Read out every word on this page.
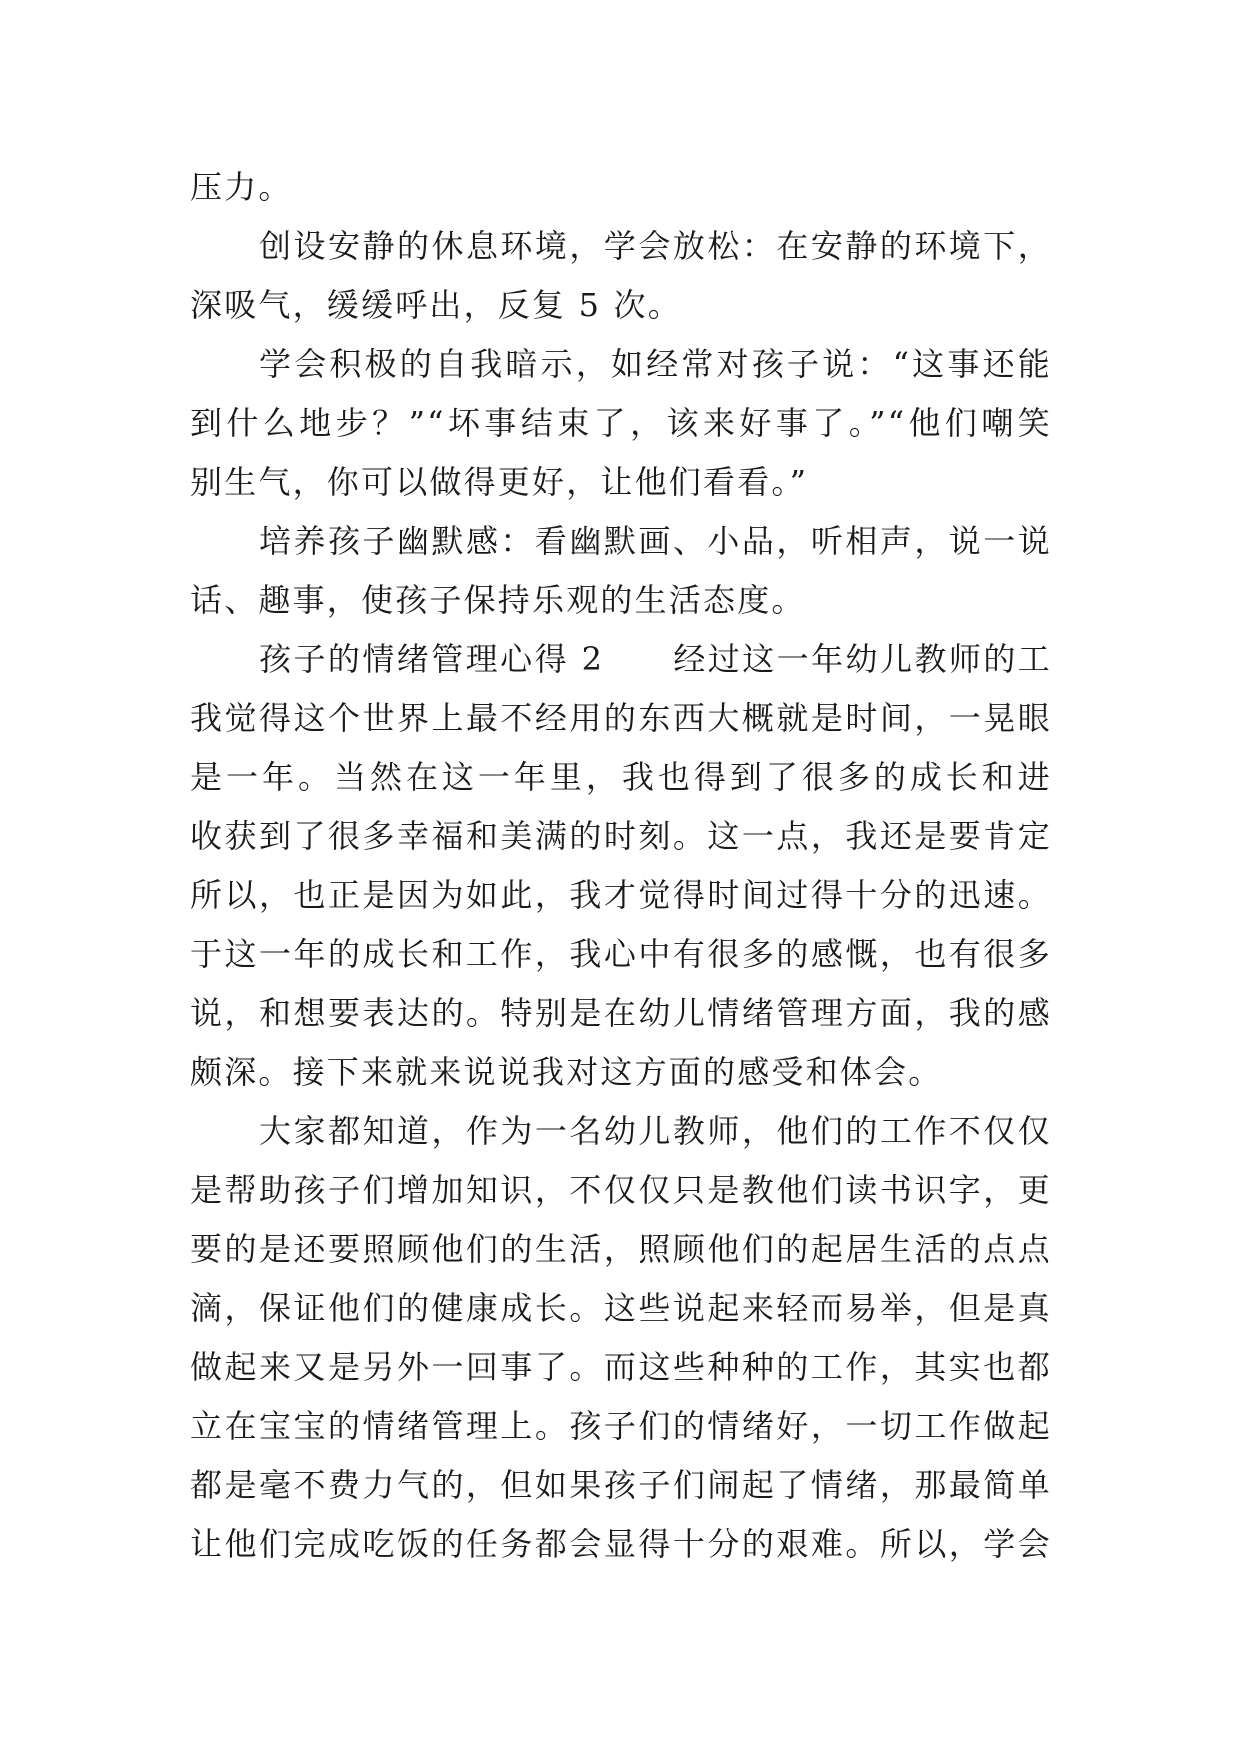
压力。
创设安静的休息环境，学会放松：在安静的环境下，
深吸气，缓缓呼出，反复 5 次。
学会积极的自我暗示，如经常对孩子说：“这事还能
到什么地步？”“坏事结束了，该来好事了。”“他们嘲笑
别生气，你可以做得更好，让他们看看。”
培养孩子幽默感：看幽默画、小品，听相声，说一说
话、趣事，使孩子保持乐观的生活态度。
孩子的情绪管理心得 2　　经过这一年幼儿教师的工
我觉得这个世界上最不经用的东西大概就是时间，一晃眼
是一年。当然在这一年里，我也得到了很多的成长和进
收获到了很多幸福和美满的时刻。这一点，我还是要肯定
所以，也正是因为如此，我才觉得时间过得十分的迅速。
于这一年的成长和工作，我心中有很多的感慨，也有很多
说，和想要表达的。特别是在幼儿情绪管理方面，我的感
颇深。接下来就来说说我对这方面的感受和体会。
大家都知道，作为一名幼儿教师，他们的工作不仅仅
是帮助孩子们增加知识，不仅仅只是教他们读书识字，更
要的是还要照顾他们的生活，照顾他们的起居生活的点点
滴，保证他们的健康成长。这些说起来轻而易举，但是真
做起来又是另外一回事了。而这些种种的工作，其实也都
立在宝宝的情绪管理上。孩子们的情绪好，一切工作做起
都是毫不费力气的，但如果孩子们闹起了情绪，那最简单
让他们完成吃饭的任务都会显得十分的艰难。所以，学会
